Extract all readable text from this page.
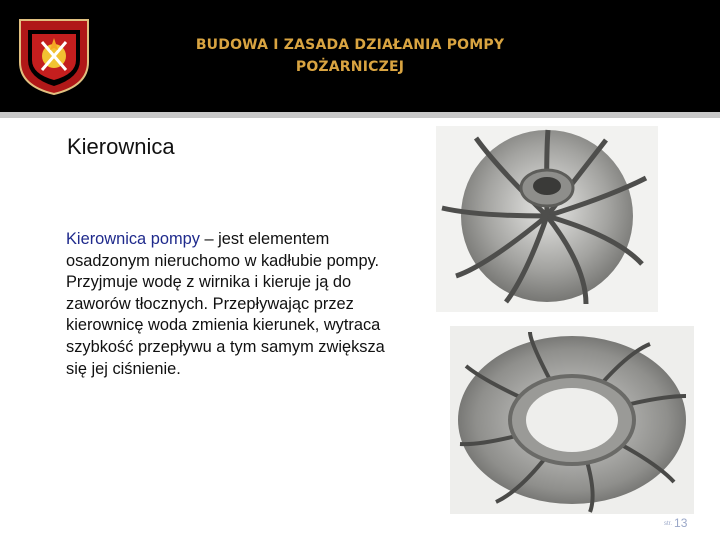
BUDOWA I ZASADA DZIAŁANIA POMPY
POŻARNICZEJ
Kierownica

Kierownica pompy – jest elementem osadzonym nieruchomo w kadłubie pompy. Przyjmuje wodę z wirnika i kieruje ją do zaworów tłocznych. Przepływając przez kierownicę woda zmienia kierunek, wytraca szybkość przepływu a tym samym zwiększa się jej ciśnienie.

str. 13
